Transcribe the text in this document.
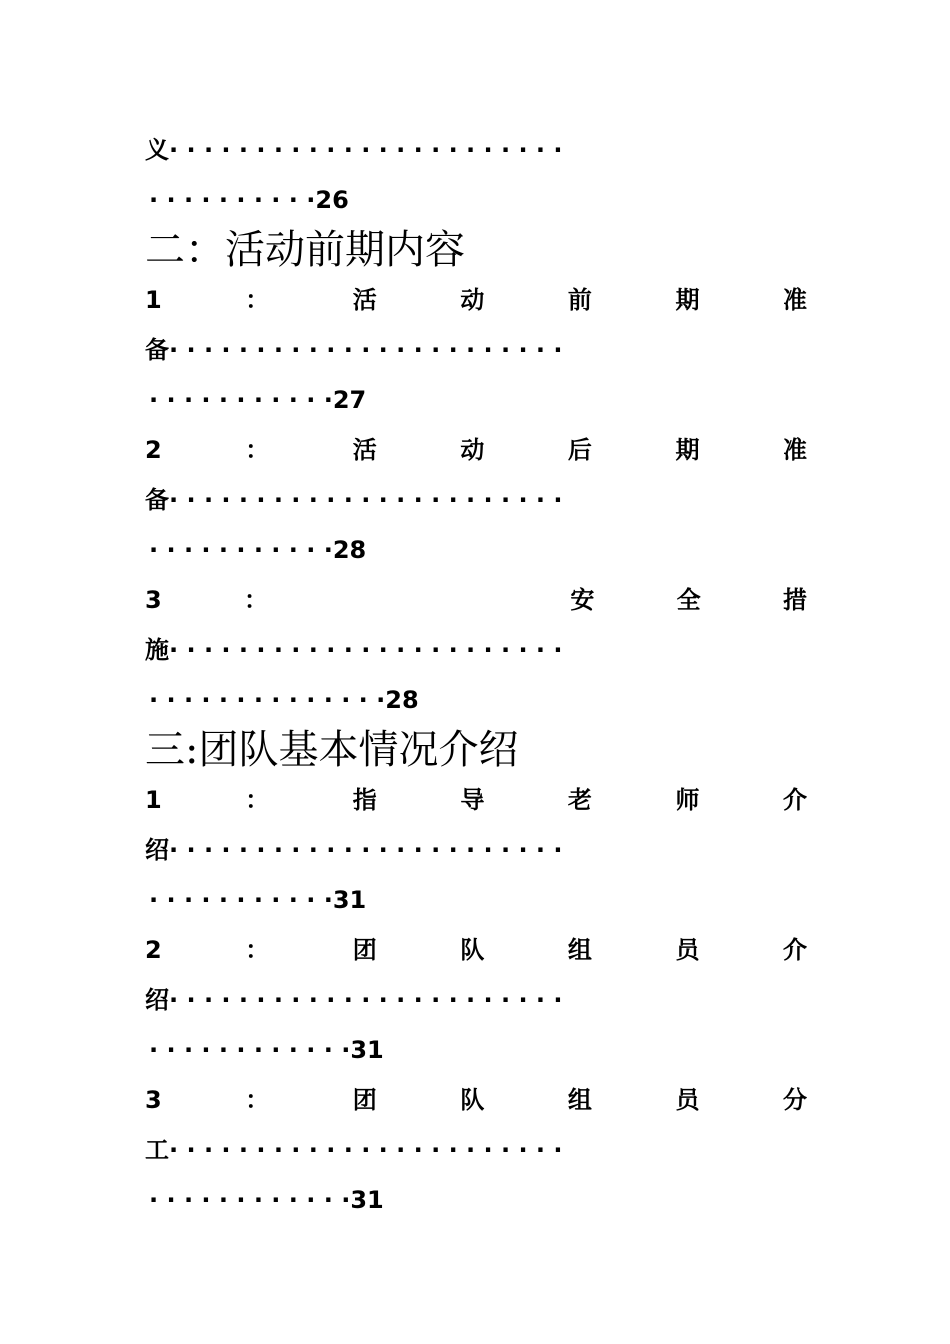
义· · · · · · · · · · · · · · · · · · · · · · ·
· · · · · · · · · ·26
二：活动前期内容
1	：	活	动	前	期	准
备· · · · · · · · · · · · · · · · · · · · · · ·
· · · · · · · · · · ·27
2	：	活	动	后	期	准
备· · · · · · · · · · · · · · · · · · · · · · ·
· · · · · · · · · · ·28
3	：	安	全	措
施· · · · · · · · · · · · · · · · · · · · · · ·
· · · · · · · · · · · · · ·28
三:团队基本情况介绍
1	：	指	导	老	师	介
绍· · · · · · · · · · · · · · · · · · · · · · ·
· · · · · · · · · · ·31
2	：	团	队	组	员	介
绍· · · · · · · · · · · · · · · · · · · · · · ·
· · · · · · · · · · · ·31
3	：	团	队	组	员	分
工· · · · · · · · · · · · · · · · · · · · · · ·
· · · · · · · · · · · ·31
